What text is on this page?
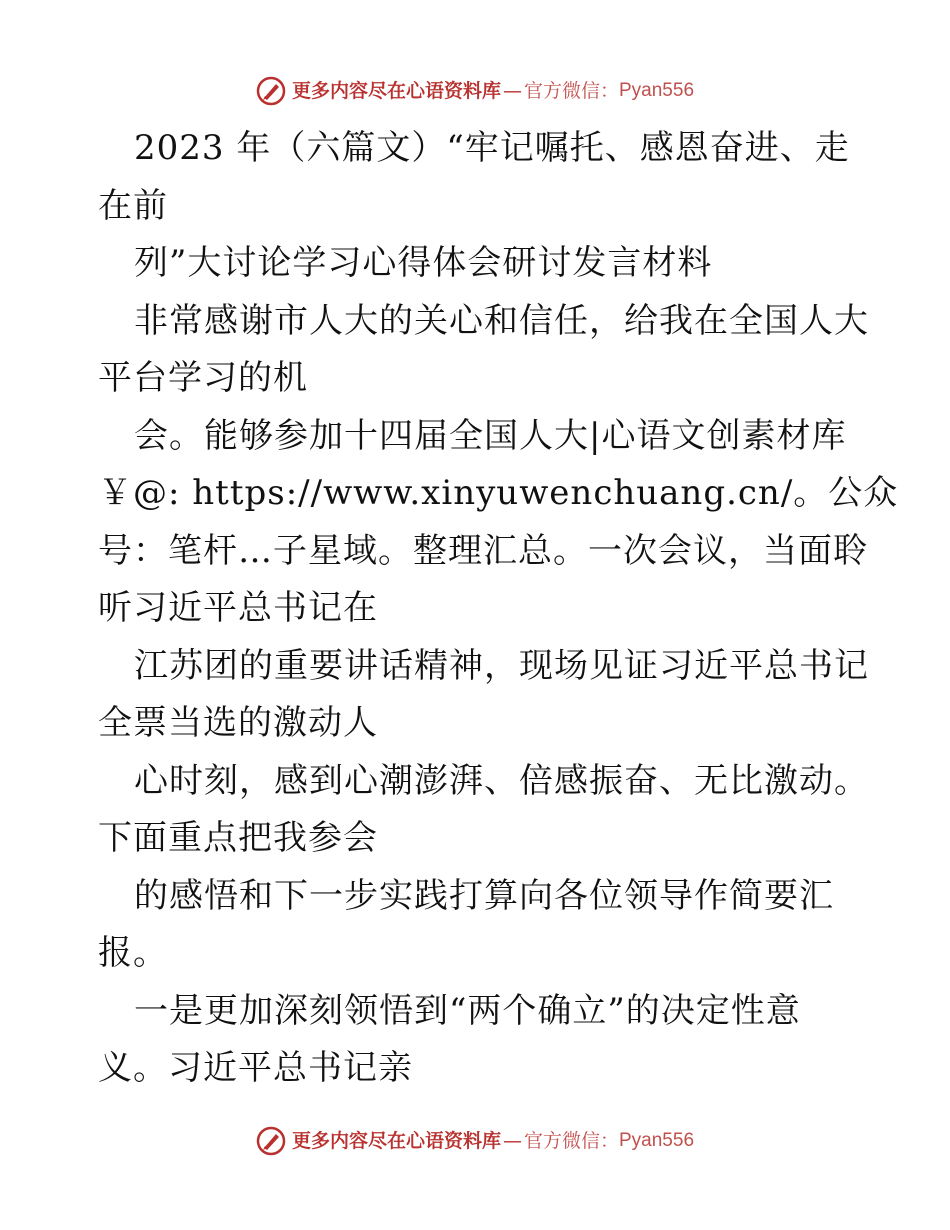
更多内容尽在心语资料库 — 官方微信： Pyan556
2023 年（六篇文）“牢记嘱托、感恩奋进、走
在前
列”大讨论学习心得体会研讨发言材料
非常感谢市人大的关心和信任，给我在全国人大
平台学习的机
会。能够参加十四届全国人大|心语文创素材库
￥@: https://www.xinyuwenchuang.cn/。公众
号：笔杆…子星域。整理汇总。一次会议，当面聆
听习近平总书记在
江苏团的重要讲话精神，现场见证习近平总书记
全票当选的激动人
心时刻，感到心潮澎湃、倍感振奋、无比激动。
下面重点把我参会
的感悟和下一步实践打算向各位领导作简要汇
报。
一是更加深刻领悟到“两个确立”的决定性意
义。习近平总书记亲
更多内容尽在心语资料库 — 官方微信： Pyan556
